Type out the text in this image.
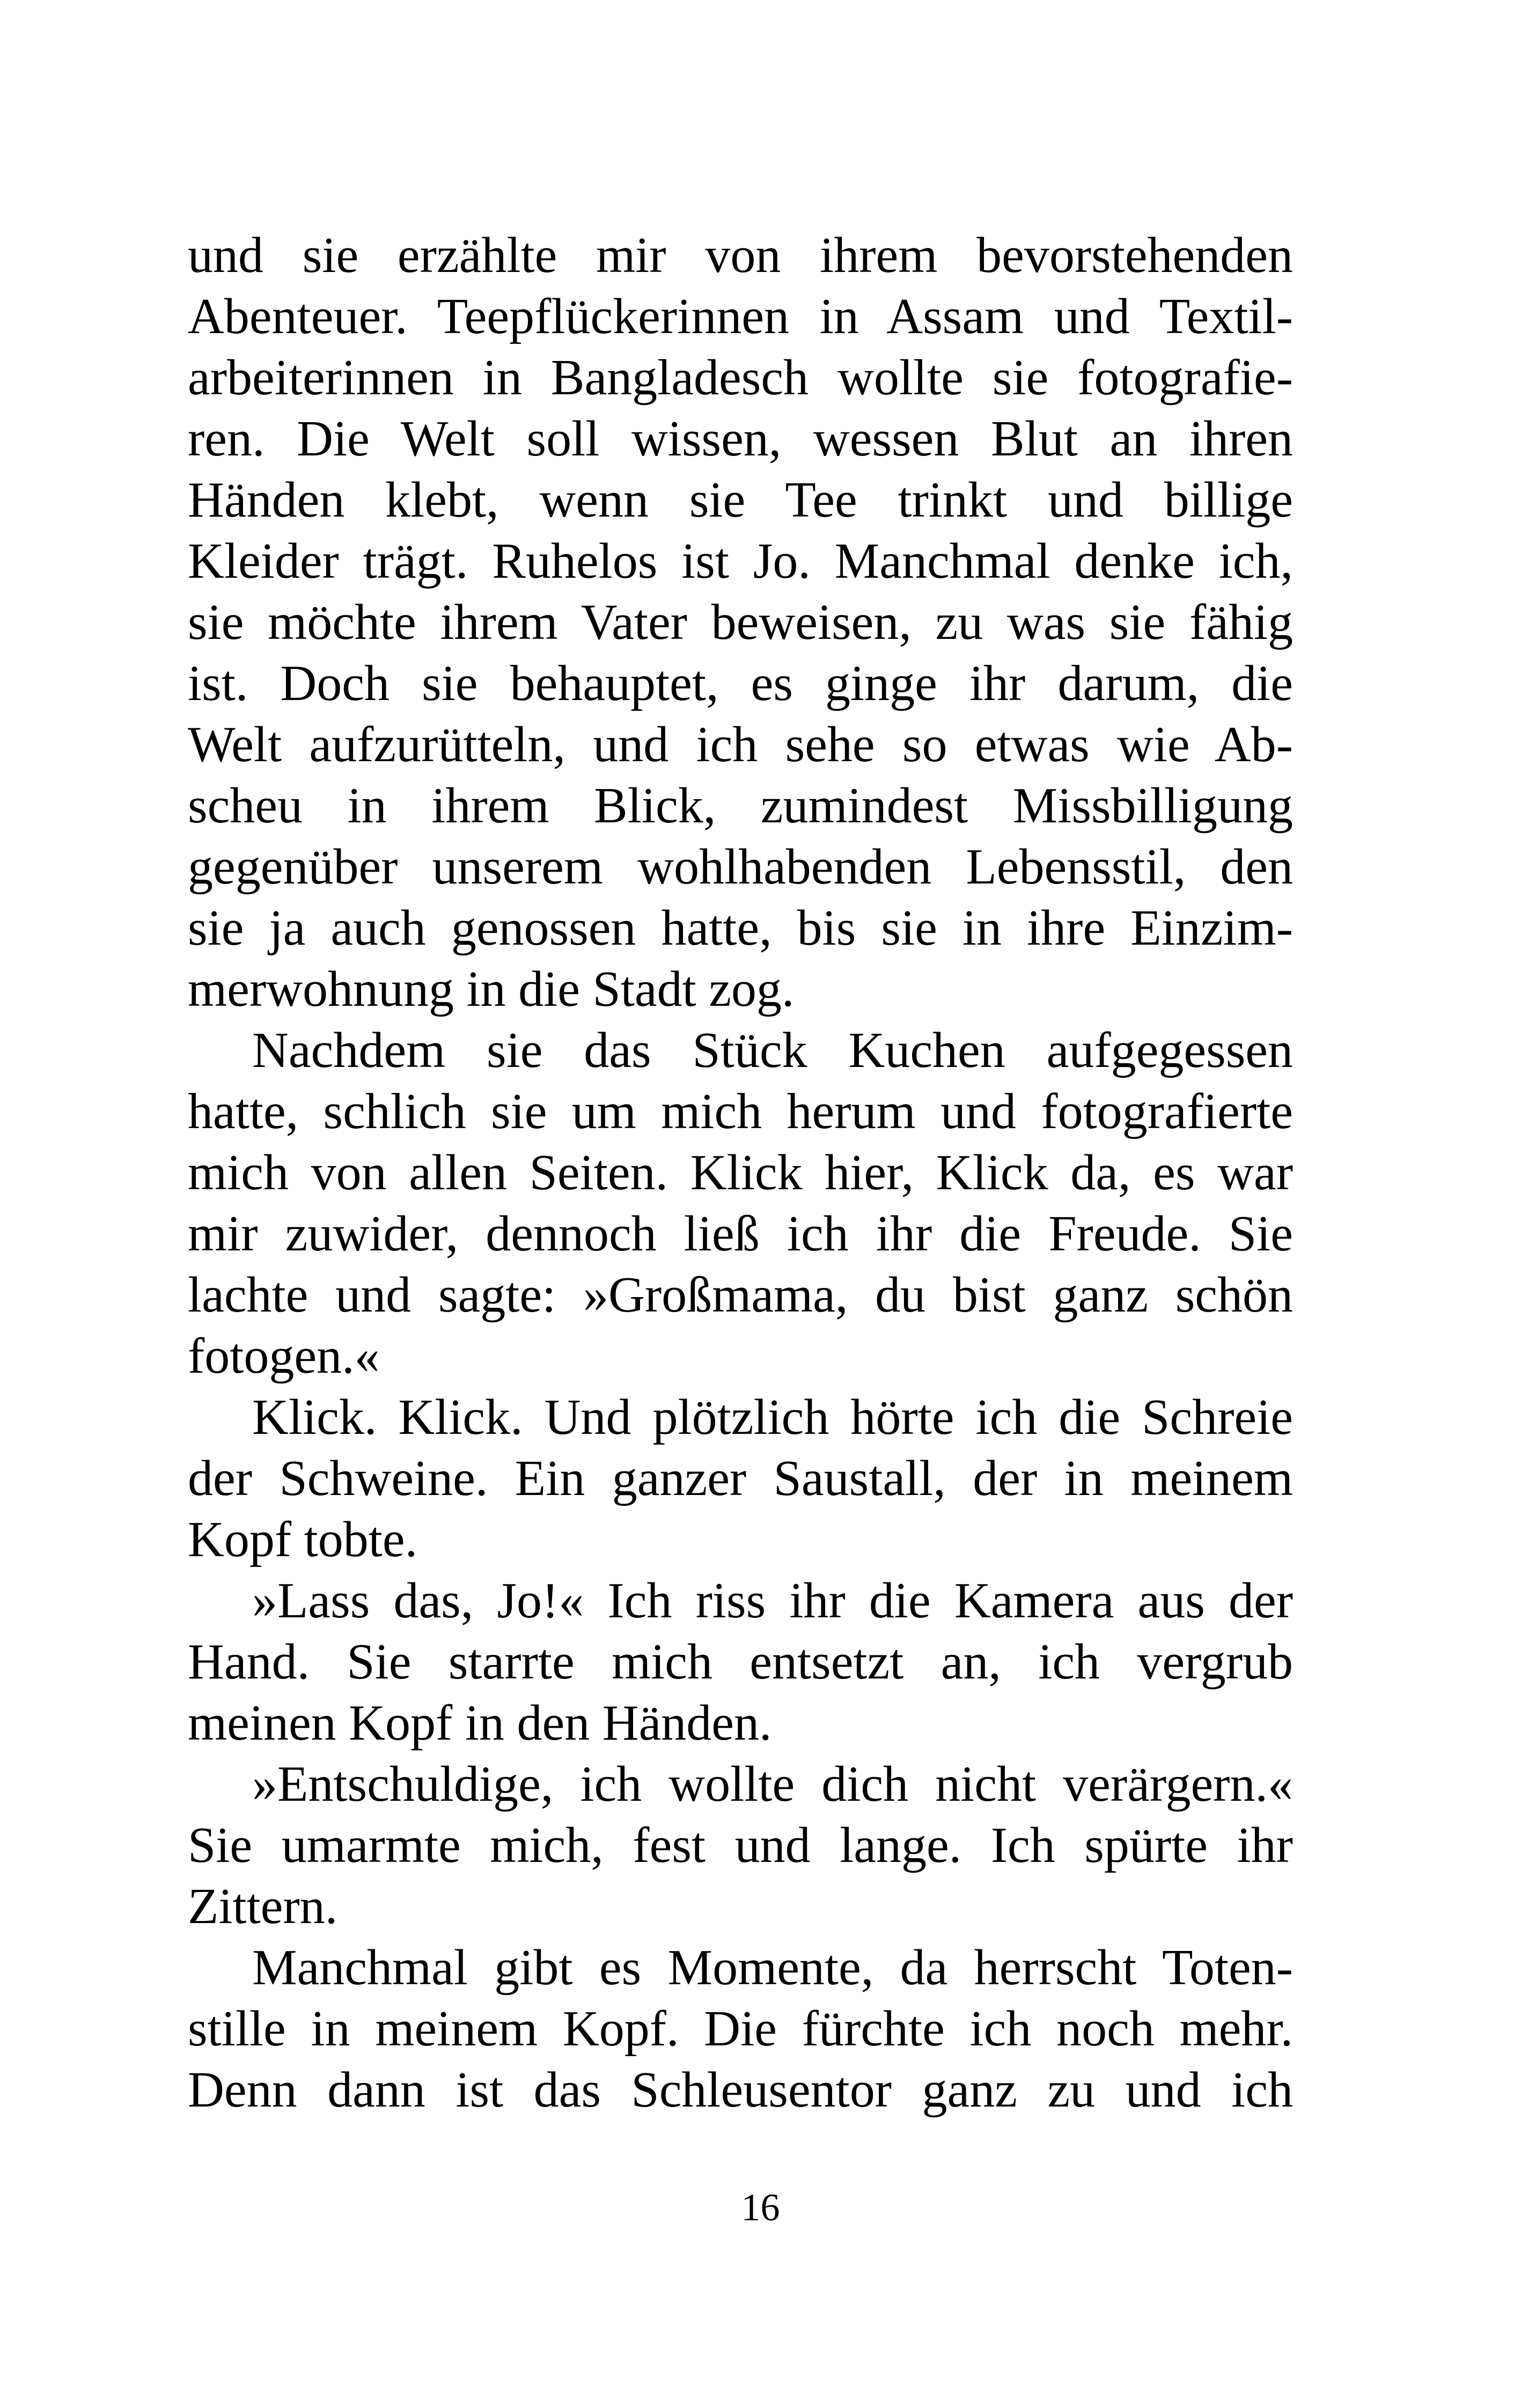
und sie erzählte mir von ihrem bevorstehenden
Abenteuer. Teepflückerinnen in Assam und Textil-
arbeiterinnen in Bangladesch wollte sie fotografie-
ren. Die Welt soll wissen, wessen Blut an ihren
Händen klebt, wenn sie Tee trinkt und billige
Kleider trägt. Ruhelos ist Jo. Manchmal denke ich,
sie möchte ihrem Vater beweisen, zu was sie fähig
ist. Doch sie behauptet, es ginge ihr darum, die
Welt aufzurütteln, und ich sehe so etwas wie Ab-
scheu in ihrem Blick, zumindest Missbilligung
gegenüber unserem wohlhabenden Lebensstil, den
sie ja auch genossen hatte, bis sie in ihre Einzim-
merwohnung in die Stadt zog.
Nachdem sie das Stück Kuchen aufgegessen
hatte, schlich sie um mich herum und fotografierte
mich von allen Seiten. Klick hier, Klick da, es war
mir zuwider, dennoch ließ ich ihr die Freude. Sie
lachte und sagte: »Großmama, du bist ganz schön
fotogen.«
Klick. Klick. Und plötzlich hörte ich die Schreie
der Schweine. Ein ganzer Saustall, der in meinem
Kopf tobte.
»Lass das, Jo!« Ich riss ihr die Kamera aus der
Hand. Sie starrte mich entsetzt an, ich vergrub
meinen Kopf in den Händen.
»Entschuldige, ich wollte dich nicht verärgern.«
Sie umarmte mich, fest und lange. Ich spürte ihr
Zittern.
Manchmal gibt es Momente, da herrscht Toten-
stille in meinem Kopf. Die fürchte ich noch mehr.
Denn dann ist das Schleusentor ganz zu und ich
16
